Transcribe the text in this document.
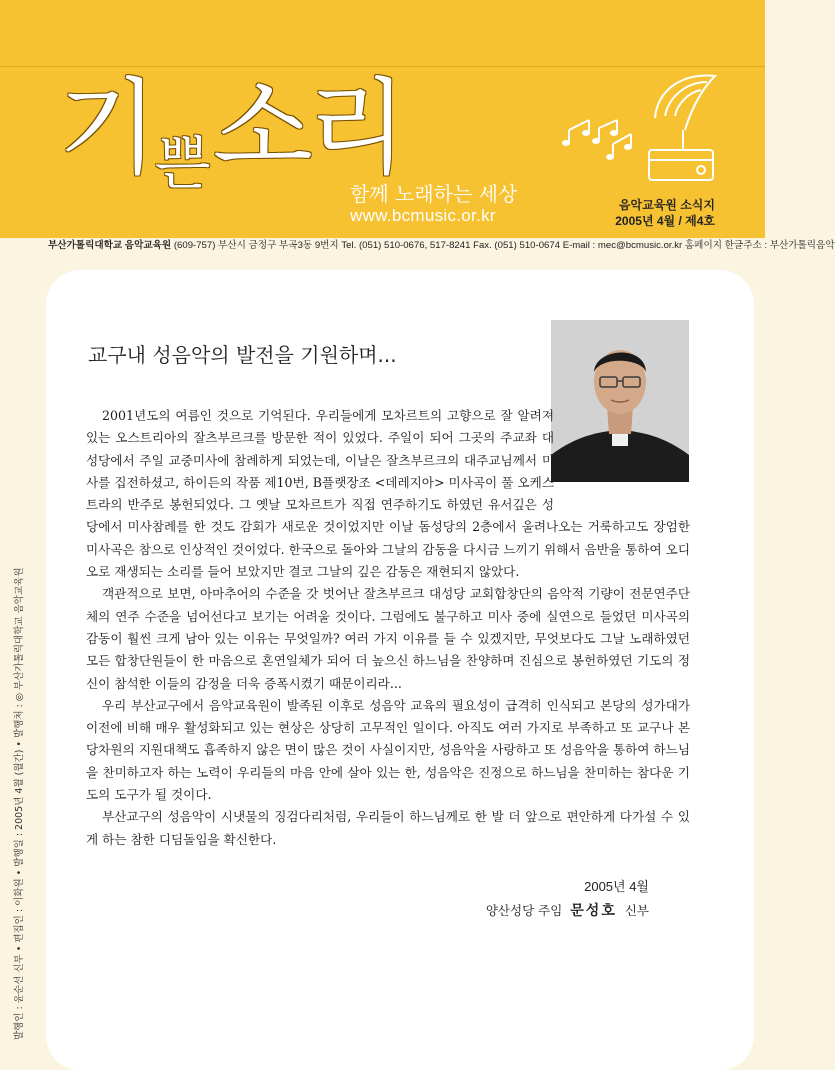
기쁜소리
함께 노래하는 세상
www.bcmusic.or.kr
음악교육원 소식지
2005년 4월 / 제4호
부산가톨릭대학교 음악교육원 (609-757) 부산시 금정구 부곡3동 9번지 Tel. (051) 510-0676, 517-8241 Fax. (051) 510-0674 E-mail : mec@bcmusic.or.kr 홈페이지 한글주소 : 부산가톨릭음악
발행인 : 윤순선 신부 • 편집인 : 이화원 • 발행일 : 2005년 4월 (월간) • 발행처 : ◎ 부산가톨릭대학교 음악교육원
교구내 성음악의 발전을 기원하며...

2001년도의 여름인 것으로 기억된다. 우리들에게 모차르트의 고향으로 잘 알려져 있는 오스트리아의 잘츠부르크를 방문한 적이 있었다. 주일이 되어 그곳의 주교좌 대성당에서 주일 교중미사에 참례하게 되었는데, 이날은 잘츠부르크의 대주교님께서 미사를 집전하셨고, 하이든의 작품 제10번, B플랫장조 <데레지아> 미사곡이 풀 오케스트라의 반주로 봉헌되었다. 그 옛날 모차르트가 직접 연주하기도 하였던 유서깊은 성당에서 미사참례를 한 것도 감회가 새로운 것이었지만 이날 돔성당의 2층에서 울려나오는 거룩하고도 장엄한 미사곡은 참으로 인상적인 것이었다. 한국으로 돌아와 그날의 감동을 다시금 느끼기 위해서 음반을 통하여 오디오로 재생되는 소리를 들어 보았지만 결코 그날의 깊은 감동은 재현되지 않았다.

객관적으로 보면, 아마추어의 수준을 갓 벗어난 잘츠부르크 대성당 교회합창단의 음악적 기량이 전문연주단체의 연주 수준을 넘어선다고 보기는 어려울 것이다. 그럼에도 불구하고 미사 중에 실연으로 들었던 미사곡의 감동이 훨씬 크게 남아 있는 이유는 무엇일까? 여러 가지 이유를 들 수 있겠지만, 무엇보다도 그날 노래하였던 모든 합창단원들이 한 마음으로 혼연일체가 되어 더 높으신 하느님을 찬양하며 진심으로 봉헌하였던 기도의 정신이 참석한 이들의 감정을 더욱 증폭시켰기 때문이리라...

우리 부산교구에서 음악교육원이 발족된 이후로 성음악 교육의 필요성이 급격히 인식되고 본당의 성가대가 이전에 비해 매우 활성화되고 있는 현상은 상당히 고무적인 일이다. 아직도 여러 가지로 부족하고 또 교구나 본당차원의 지원대책도 흡족하지 않은 면이 많은 것이 사실이지만, 성음악을 사랑하고 또 성음악을 통하여 하느님을 찬미하고자 하는 노력이 우리들의 마음 안에 살아 있는 한, 성음악은 진정으로 하느님을 찬미하는 참다운 기도의 도구가 될 것이다.

부산교구의 성음악이 시냇물의 징검다리처럼, 우리들이 하느님께로 한 발 더 앞으로 편안하게 다가설 수 있게 하는 참한 디딤돌임을 확신한다.

2005년 4월
양산성당 주임 문성호 신부
